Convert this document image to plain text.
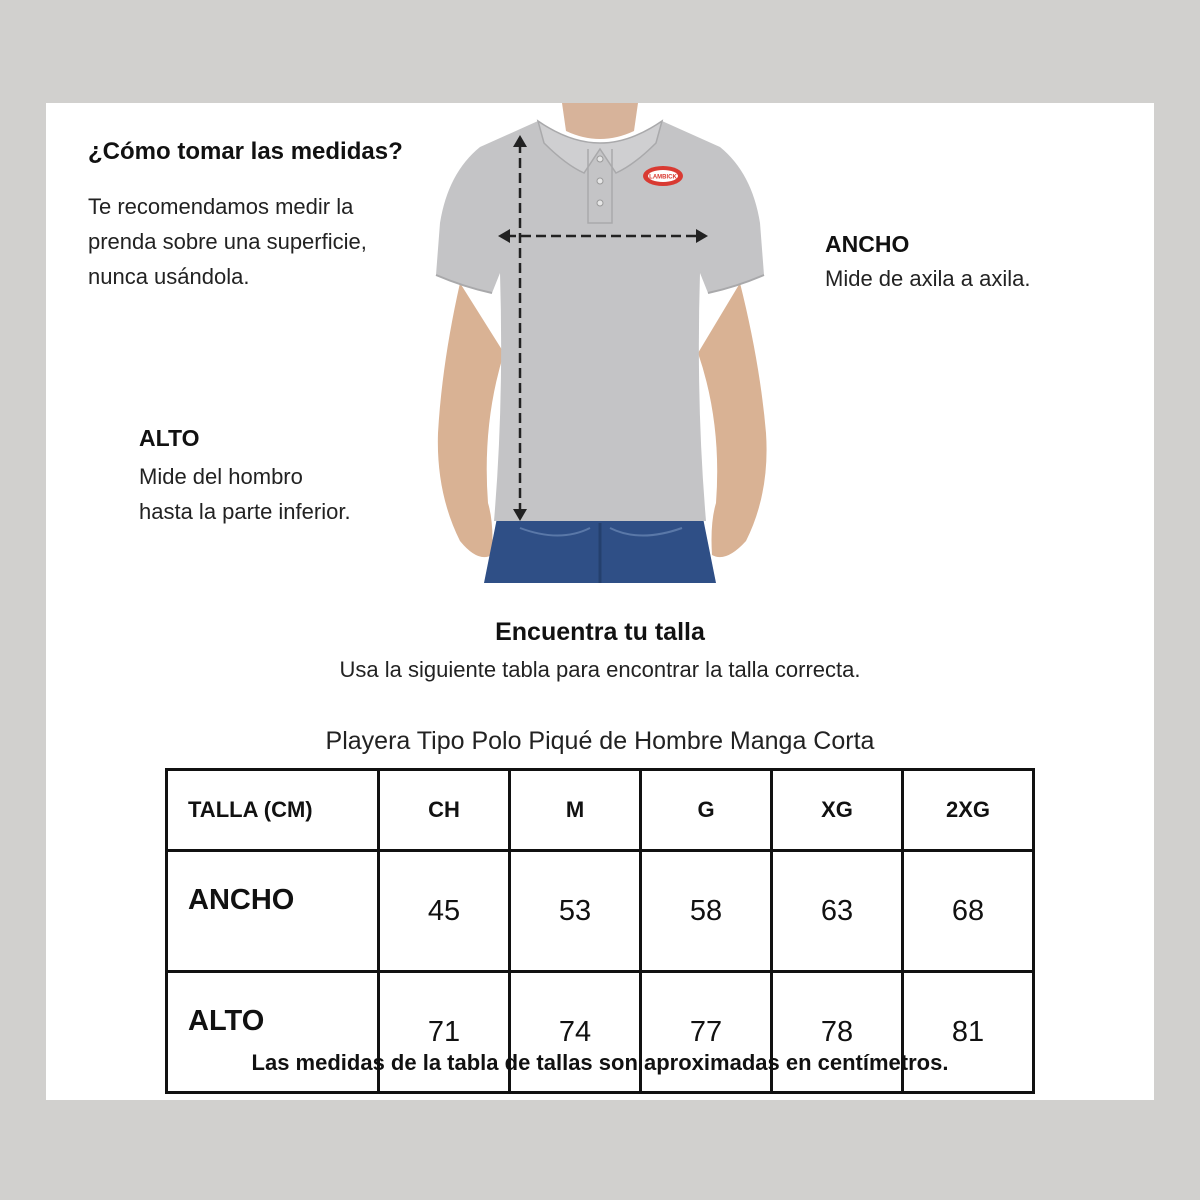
¿Cómo tomar las medidas?
Te recomendamos medir la
prenda sobre una superficie,
nunca usándola.
ANCHO
Mide de axila a axila.
ALTO
Mide del hombro
hasta la parte inferior.
LAMBICK
Encuentra tu talla
Usa la siguiente tabla para encontrar la talla correcta.
Playera Tipo Polo Piqué de Hombre Manga Corta
TALLA (CM)	CH	M	G	XG	2XG
ANCHO	45	53	58	63	68
ALTO	71	74	77	78	81
Las medidas de la tabla de tallas son aproximadas en centímetros.
